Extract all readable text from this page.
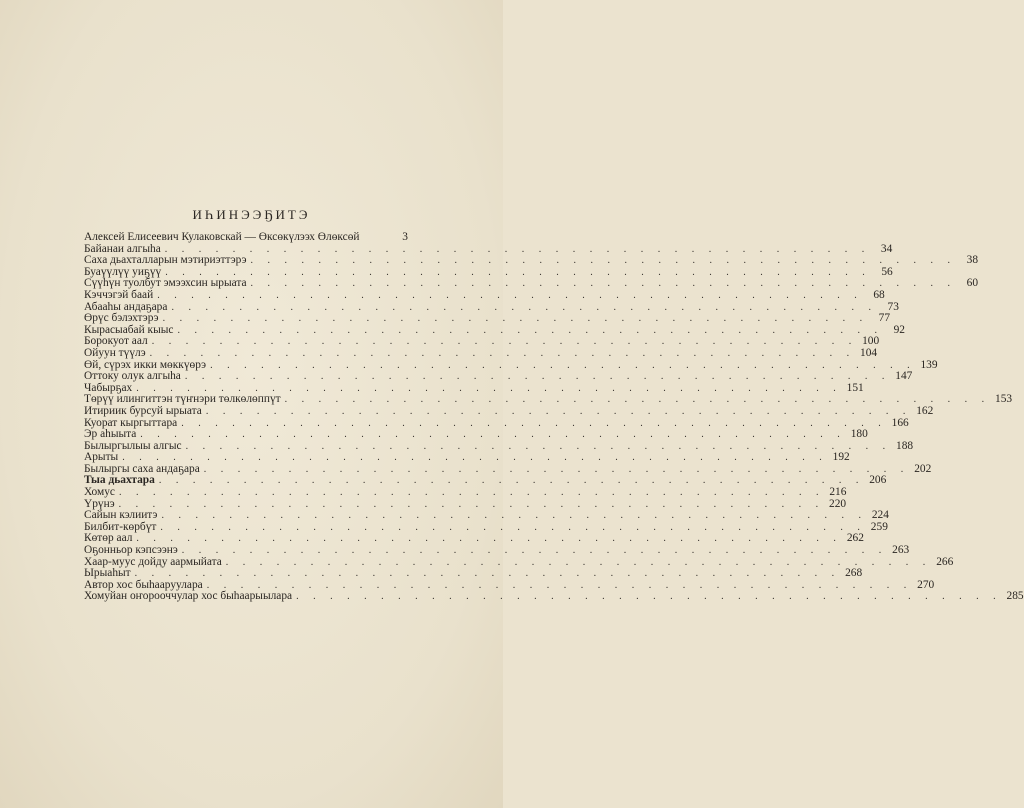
ИҺИНЭЭҔИТЭ
Алексей Елисеевич Кулаковскай — Өксөкүлээх Өлөксөй	3
Байанаи алгыһа . . . . . . . . . . . . . . . . . . . . . . . . . . . . . . . . . . . . . . . . . . 34
Саха дьахталларын мэтириэттэрэ . . . . . . . . . . . . . . . . . . . . . . . . . . . . . . . . . . . . . . . . . . 38
Буаүүлүү уиҕүү . . . . . . . . . . . . . . . . . . . . . . . . . . . . . . . . . . . . . . . . . . 56
Сүүһүн туолбут эмээхсин ырыата . . . . . . . . . . . . . . . . . . . . . . . . . . . . . . . . . . . . . . . . . . 60
Кэччэгэй баай . . . . . . . . . . . . . . . . . . . . . . . . . . . . . . . . . . . . . . . . . . 68
Абааһы андаҕара . . . . . . . . . . . . . . . . . . . . . . . . . . . . . . . . . . . . . . . . . . 73
Өрүс бэлэхтэрэ . . . . . . . . . . . . . . . . . . . . . . . . . . . . . . . . . . . . . . . . . . 77
Кырасыабай кыыс . . . . . . . . . . . . . . . . . . . . . . . . . . . . . . . . . . . . . . . . . . 92
Борокуот аал . . . . . . . . . . . . . . . . . . . . . . . . . . . . . . . . . . . . . . . . . . 100
Ойуун түүлэ . . . . . . . . . . . . . . . . . . . . . . . . . . . . . . . . . . . . . . . . . . 104
Өй, сүрэх икки мөккүөрэ . . . . . . . . . . . . . . . . . . . . . . . . . . . . . . . . . . . . . . . . . . 139
Оттоку олук алгыһа . . . . . . . . . . . . . . . . . . . . . . . . . . . . . . . . . . . . . . . . . . 147
Чабырҕах . . . . . . . . . . . . . . . . . . . . . . . . . . . . . . . . . . . . . . . . . . 151
Төрүү илингиттэн түҥнэри төлкөлөппүт . . . . . . . . . . . . . . . . . . . . . . . . . . . . . . . . . . . . . . . . . . 153
Итириик бурсуй ырыата . . . . . . . . . . . . . . . . . . . . . . . . . . . . . . . . . . . . . . . . . . 162
Куорат кыргыттара . . . . . . . . . . . . . . . . . . . . . . . . . . . . . . . . . . . . . . . . . . 166
Эр аһыыта . . . . . . . . . . . . . . . . . . . . . . . . . . . . . . . . . . . . . . . . . . 180
Былыргылыы алгыс . . . . . . . . . . . . . . . . . . . . . . . . . . . . . . . . . . . . . . . . . . 188
Арыты . . . . . . . . . . . . . . . . . . . . . . . . . . . . . . . . . . . . . . . . . . 192
Былыргы саха андаҕара . . . . . . . . . . . . . . . . . . . . . . . . . . . . . . . . . . . . . . . . . . 202
Тыа дьахтара . . . . . . . . . . . . . . . . . . . . . . . . . . . . . . . . . . . . . . . . . . 206
Хомус . . . . . . . . . . . . . . . . . . . . . . . . . . . . . . . . . . . . . . . . . . 216
Үрүнэ . . . . . . . . . . . . . . . . . . . . . . . . . . . . . . . . . . . . . . . . . . 220
Сайын кэлиитэ . . . . . . . . . . . . . . . . . . . . . . . . . . . . . . . . . . . . . . . . . . 224
Билбит-көрбүт . . . . . . . . . . . . . . . . . . . . . . . . . . . . . . . . . . . . . . . . . . 259
Көтөр аал . . . . . . . . . . . . . . . . . . . . . . . . . . . . . . . . . . . . . . . . . . 262
Оҕонньор кэпсээнэ . . . . . . . . . . . . . . . . . . . . . . . . . . . . . . . . . . . . . . . . . . 263
Хаар-муус дойду аармыйата . . . . . . . . . . . . . . . . . . . . . . . . . . . . . . . . . . . . . . . . . . 266
Ырыаһыт . . . . . . . . . . . . . . . . . . . . . . . . . . . . . . . . . . . . . . . . . . 268
Автор хос быһааруулара . . . . . . . . . . . . . . . . . . . . . . . . . . . . . . . . . . . . . . . . . . 270
Хомуйан оҥорооччулар хос быһаарыылара . . . . . . . . . . . . . . . . . . . . . . . . . . . . . . . . . . . . . . . . . . 285
